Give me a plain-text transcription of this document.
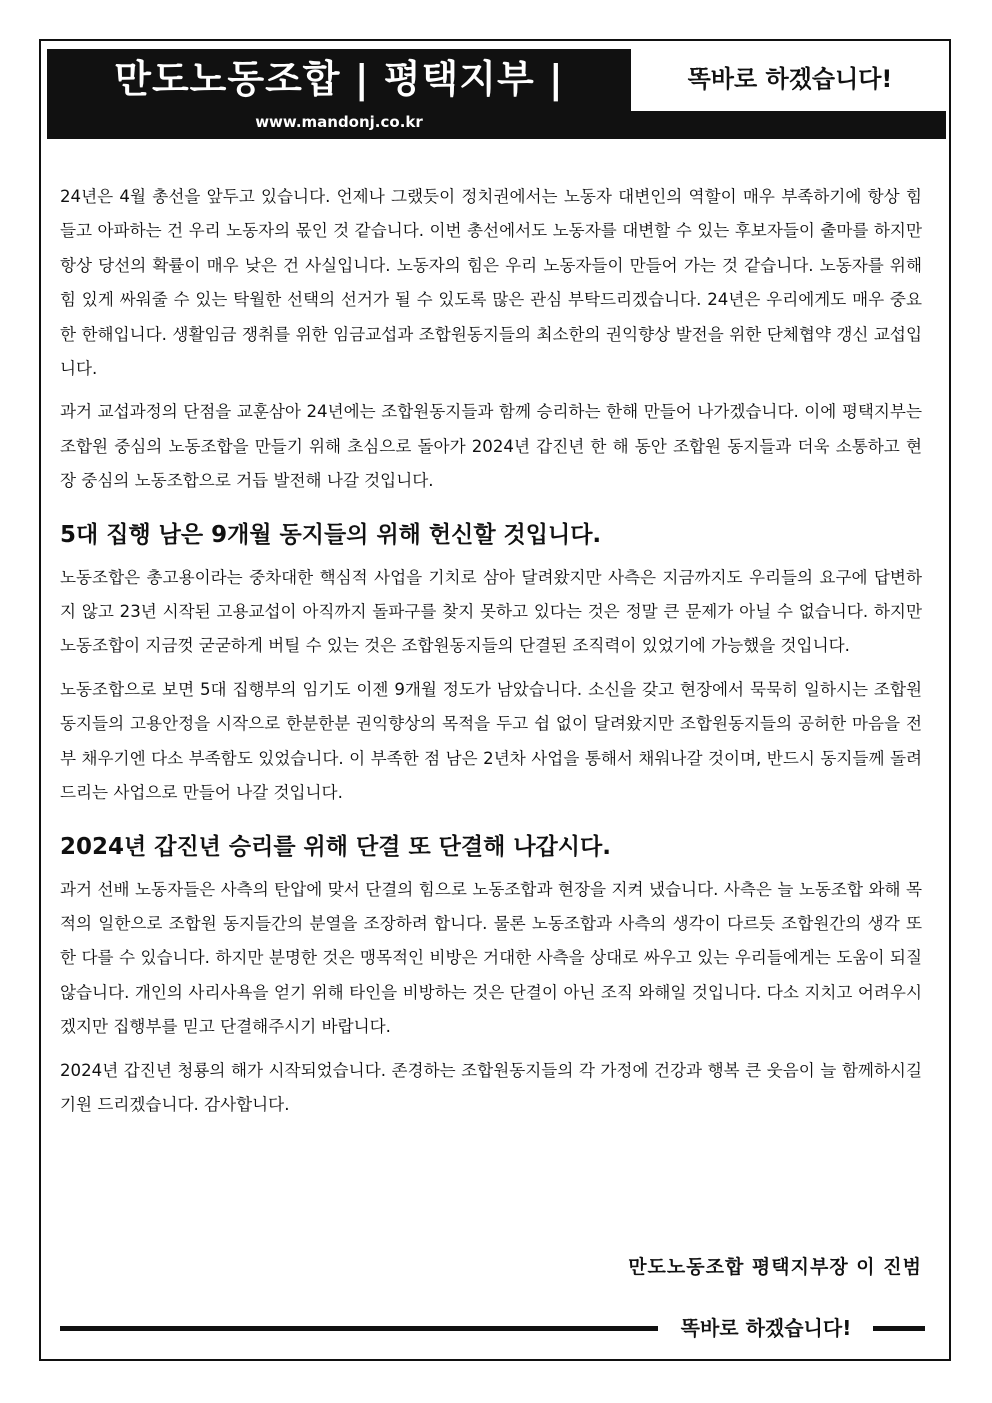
만도노동조합 | 평택지부 |
www.mandonj.co.kr
똑바로 하겠습니다!

24년은 4월 총선을 앞두고 있습니다. 언제나 그랬듯이 정치권에서는 노동자 대변인의 역할이 매우 부족하기에 항상 힘들고 아파하는 건 우리 노동자의 몫인 것 같습니다. 이번 총선에서도 노동자를 대변할 수 있는 후보자들이 출마를 하지만 항상 당선의 확률이 매우 낮은 건 사실입니다. 노동자의 힘은 우리 노동자들이 만들어 가는 것 같습니다. 노동자를 위해 힘 있게 싸워줄 수 있는 탁월한 선택의 선거가 될 수 있도록 많은 관심 부탁드리겠습니다. 24년은 우리에게도 매우 중요한 한해입니다. 생활임금 쟁취를 위한 임금교섭과 조합원동지들의 최소한의 권익향상 발전을 위한 단체협약 갱신 교섭입니다.

과거 교섭과정의 단점을 교훈삼아 24년에는 조합원동지들과 함께 승리하는 한해 만들어 나가겠습니다. 이에 평택지부는 조합원 중심의 노동조합을 만들기 위해 초심으로 돌아가 2024년 갑진년 한 해 동안 조합원 동지들과 더욱 소통하고 현장 중심의 노동조합으로 거듭 발전해 나갈 것입니다.

5대 집행 남은 9개월 동지들의 위해 헌신할 것입니다.

노동조합은 총고용이라는 중차대한 핵심적 사업을 기치로 삼아 달려왔지만 사측은 지금까지도 우리들의 요구에 답변하지 않고 23년 시작된 고용교섭이 아직까지 돌파구를 찾지 못하고 있다는 것은 정말 큰 문제가 아닐 수 없습니다. 하지만 노동조합이 지금껏 굳굳하게 버틸 수 있는 것은 조합원동지들의 단결된 조직력이 있었기에 가능했을 것입니다.

노동조합으로 보면 5대 집행부의 임기도 이젠 9개월 정도가 남았습니다. 소신을 갖고 현장에서 묵묵히 일하시는 조합원동지들의 고용안정을 시작으로 한분한분 권익향상의 목적을 두고 쉽 없이 달려왔지만 조합원동지들의 공허한 마음을 전부 채우기엔 다소 부족함도 있었습니다. 이 부족한 점 남은 2년차 사업을 통해서 채워나갈 것이며, 반드시 동지들께 돌려드리는 사업으로 만들어 나갈 것입니다.

2024년 갑진년 승리를 위해 단결 또 단결해 나갑시다.

과거 선배 노동자들은 사측의 탄압에 맞서 단결의 힘으로 노동조합과 현장을 지켜 냈습니다. 사측은 늘 노동조합 와해 목적의 일한으로 조합원 동지들간의 분열을 조장하려 합니다. 물론 노동조합과 사측의 생각이 다르듯 조합원간의 생각 또한 다를 수 있습니다. 하지만 분명한 것은 맹목적인 비방은 거대한 사측을 상대로 싸우고 있는 우리들에게는 도움이 되질 않습니다. 개인의 사리사욕을 얻기 위해 타인을 비방하는 것은 단결이 아닌 조직 와해일 것입니다. 다소 지치고 어려우시겠지만 집행부를 믿고 단결해주시기 바랍니다.

2024년 갑진년 청룡의 해가 시작되었습니다. 존경하는 조합원동지들의 각 가정에 건강과 행복 큰 웃음이 늘 함께하시길 기원 드리겠습니다. 감사합니다.

만도노동조합 평택지부장 이 진범
똑바로 하겠습니다!
